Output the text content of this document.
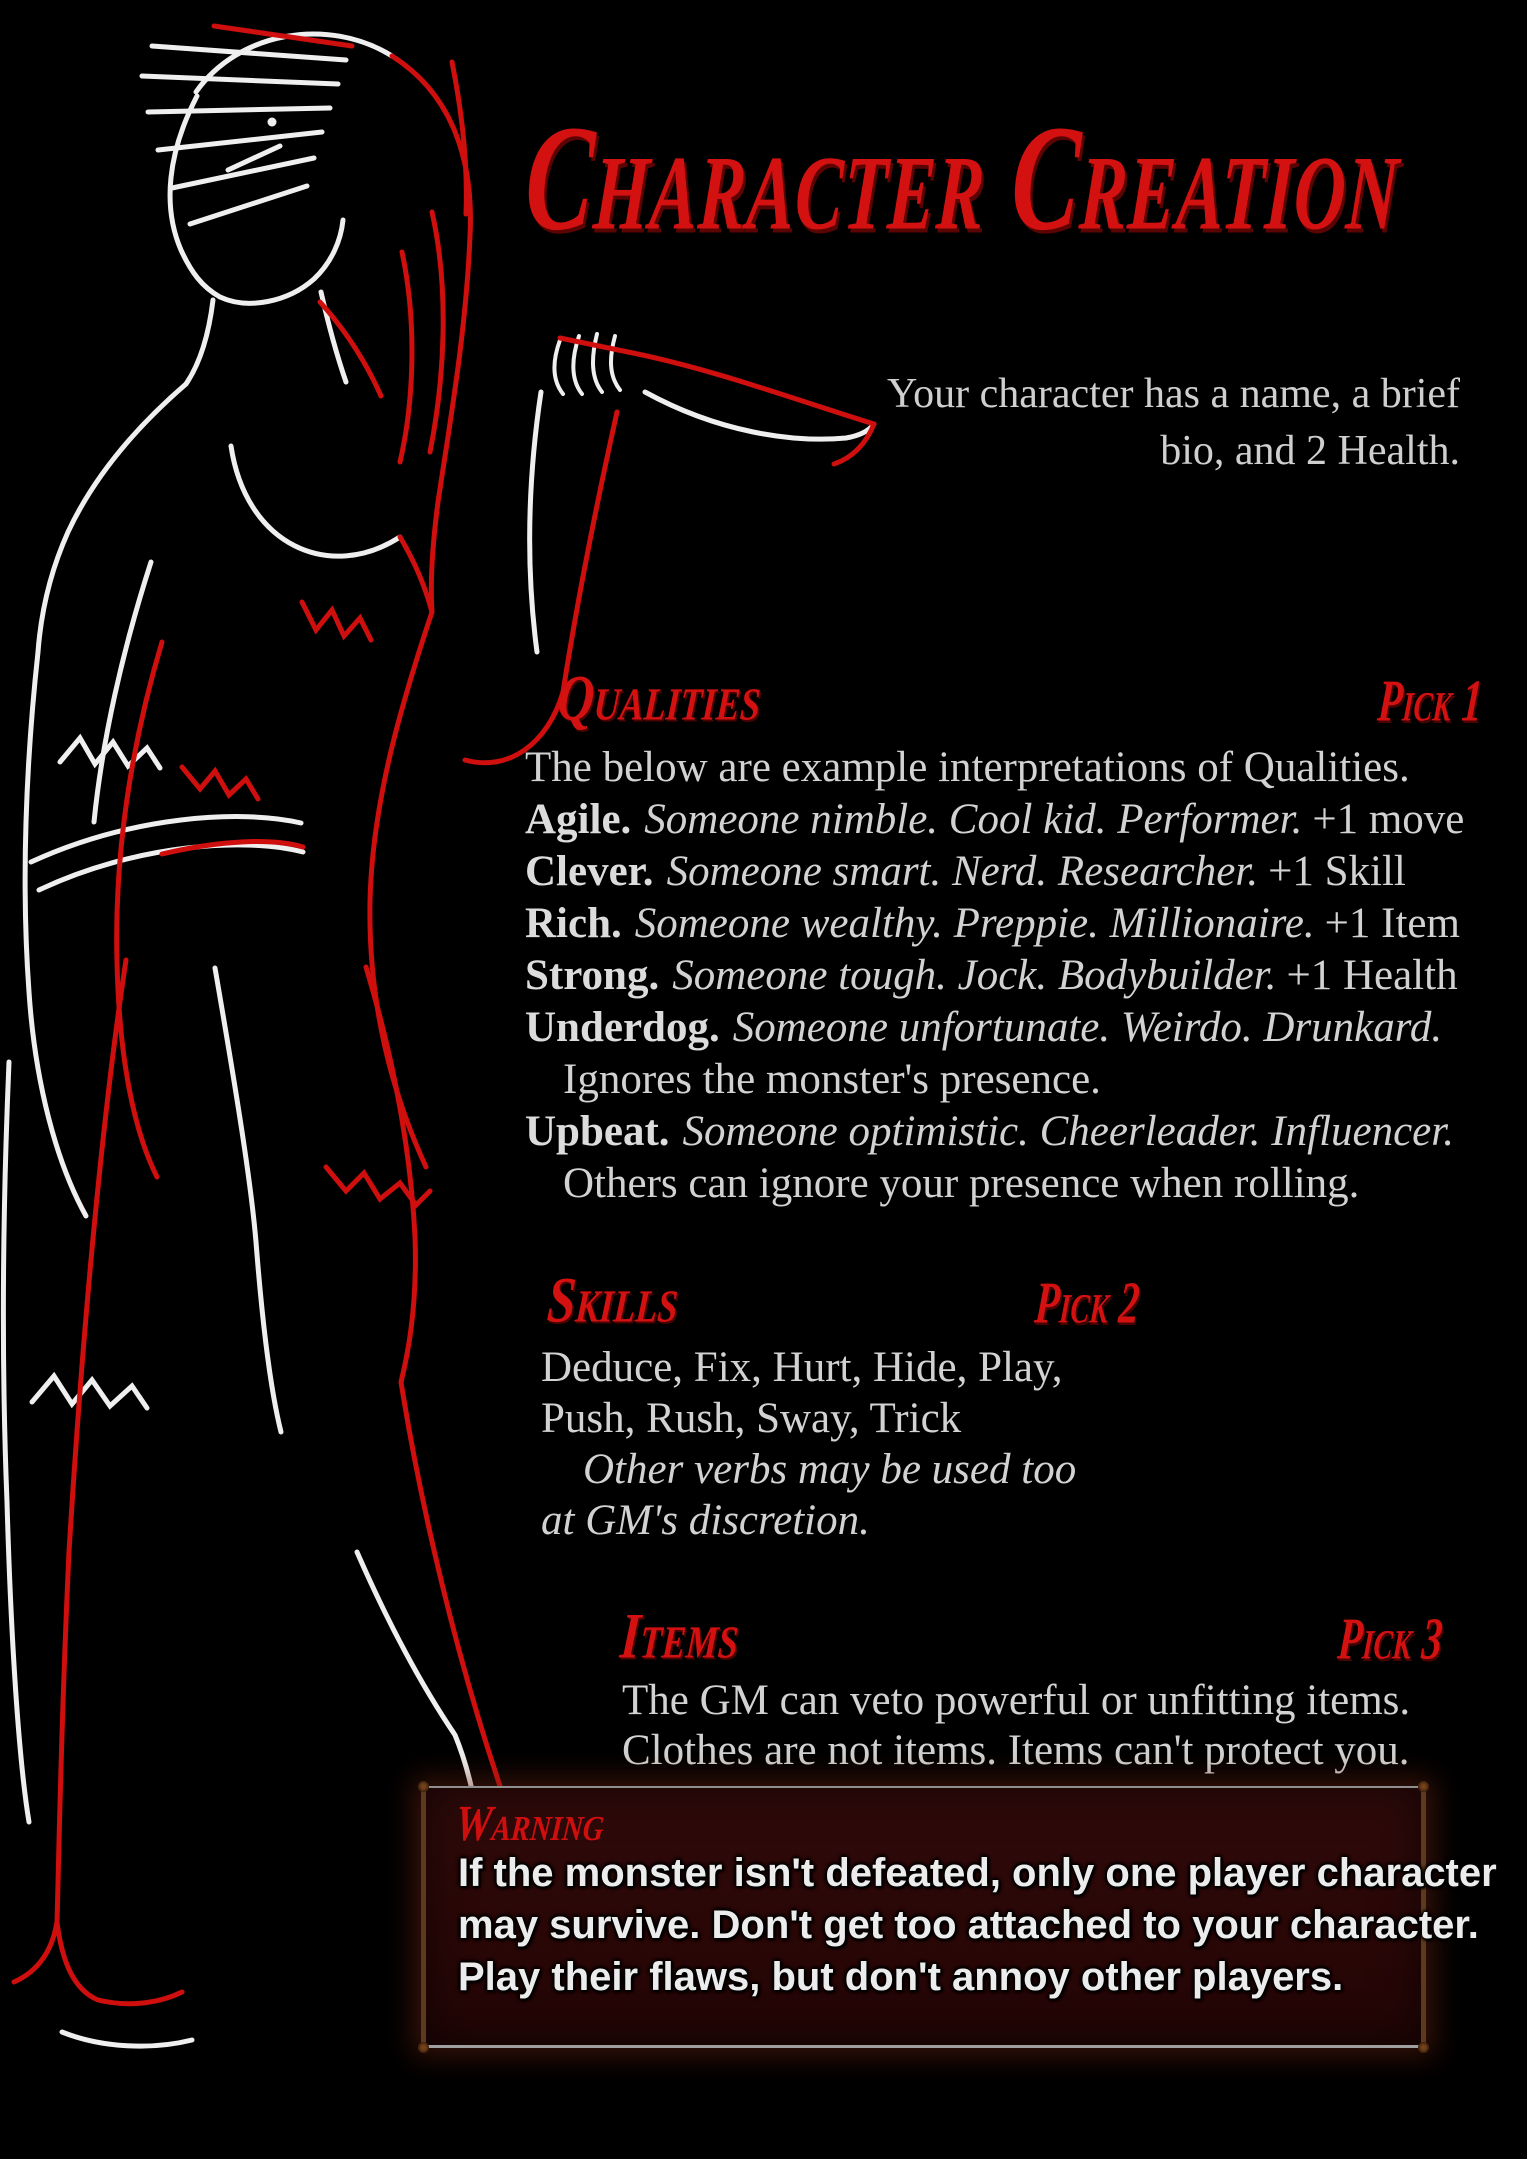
Character Creation
Your character has a name, a brief
bio, and 2 Health.
Qualities	Pick 1
The below are example interpretations of Qualities.
Agile. Someone nimble. Cool kid. Performer. +1 move
Clever. Someone smart. Nerd. Researcher. +1 Skill
Rich. Someone wealthy. Preppie. Millionaire. +1 Item
Strong. Someone tough. Jock. Bodybuilder. +1 Health
Underdog. Someone unfortunate. Weirdo. Drunkard.
Ignores the monster's presence.
Upbeat. Someone optimistic. Cheerleader. Influencer.
Others can ignore your presence when rolling.
Skills	Pick 2
Deduce, Fix, Hurt, Hide, Play,
Push, Rush, Sway, Trick
Other verbs may be used too
at GM's discretion.
Items	Pick 3
The GM can veto powerful or unfitting items.
Clothes are not items. Items can't protect you.
Warning
If the monster isn't defeated, only one player character
may survive. Don't get too attached to your character.
Play their flaws, but don't annoy other players.
